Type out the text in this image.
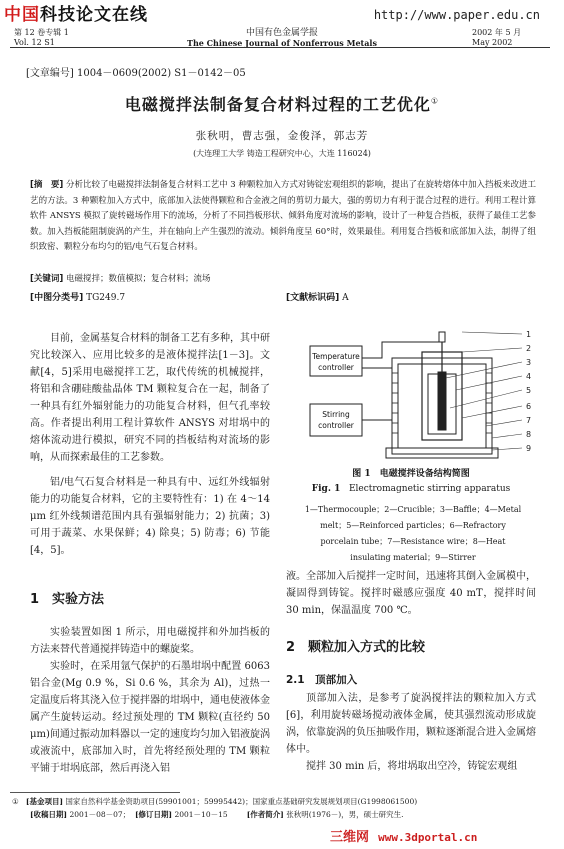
中国科技论文在线	http://www.paper.edu.cn
第 12 卷专辑 1
Vol. 12 S1
中国有色金属学报
The Chinese Journal of Nonferrous Metals
2002 年 5 月
May 2002
[文章编号] 1004－0609(2002) S1－0142－05
电磁搅拌法制备复合材料过程的工艺优化①
张秋明，曹志强，金俊泽，郭志芳
(大连理工大学 铸造工程研究中心，大连 116024)
[摘　要] 分析比较了电磁搅拌法制备复合材料工艺中 3 种颗粒加入方式对铸锭宏观组织的影响，提出了在旋转熔体中加入挡板来改进工艺的方法。3 种颗粒加入方式中，底部加入法使得颗粒和合金液之间的剪切力最大，强的剪切力有利于混合过程的进行。利用工程计算软件 ANSYS 模拟了旋转磁场作用下的流场，分析了不同挡板形状、倾斜角度对流场的影响，设计了一种复合挡板，获得了最佳工艺参数。加入挡板能阻制旋涡的产生，并在轴向上产生强烈的流动。倾斜角度呈 60°时，效果最佳。利用复合挡板和底部加入法，制得了组织致密、颗粒分布均匀的铝/电气石复合材料。
[关键词] 电磁搅拌；数值模拟；复合材料；流场
[中图分类号] TG249.7	[文献标识码] A

目前，金属基复合材料的制备工艺有多种，其中研究比较深入、应用比较多的是液体搅拌法[1－3]。文献[4，5]采用电磁搅拌工艺，取代传统的机械搅拌，将铝和含硼硅酸盐晶体 TM 颗粒复合在一起，制备了一种具有红外辐射能力的功能复合材料，但气孔率较高。作者提出利用工程计算软件 ANSYS 对坩埚中的熔体流动进行模拟，研究不同的挡板结构对流场的影响，从而探索最佳的工艺参数。

铝/电气石复合材料是一种具有中、远红外线辐射能力的功能复合材料，它的主要特性有：1) 在 4～14 μm 红外线频谱范围内具有强辐射能力；2) 抗菌；3) 可用于蔬菜、水果保鲜；4) 除臭；5) 防毒；6) 节能[4，5]。

1　实验方法

实验装置如图 1 所示，用电磁搅拌和外加挡板的方法来替代普通搅拌铸造中的螺旋桨。

实验时，在采用氩气保护的石墨坩埚中配置 6063 铝合金(Mg 0.9 %，Si 0.6 %，其余为 Al)，过热一定温度后将其浇入位于搅拌器的坩埚中，通电使液体金属产生旋转运动。经过预处理的 TM 颗粒(直径约 50 μm)间通过振动加料器以一定的速度均匀加入铝液旋涡或液流中，底部加入时，首先将经预处理的 TM 颗粒平铺于坩埚底部，然后再浇入铝

1
2
3
4
5
6
7
8
9
Temperature
controller
Stirring
controller
图 1　电磁搅拌设备结构简图
Fig. 1 Electromagnetic stirring apparatus
1—Thermocouple；2—Crucible；3—Baffle；4—Metal
melt；5—Reinforced particles；6—Refractory
porcelain tube；7—Resistance wire；8—Heat
insulating material；9—Stirrer

液。全部加入后搅拌一定时间，迅速将其倒入金属模中，凝固得到铸锭。搅拌时磁感应强度 40 mT，搅拌时间 30 min，保温温度 700 ℃。

2　颗粒加入方式的比较
2.1　顶部加入

顶部加入法，是参考了旋涡搅拌法的颗粒加入方式[6]，利用旋转磁场搅动液体金属，使其强烈流动形成旋涡，依靠旋涡的负压抽吸作用，颗粒逐渐混合进入金属熔体中。

搅拌 30 min 后，将坩埚取出空冷，铸锭宏观组

① [基金项目] 国家自然科学基金资助项目(59901001；59995442)；国家重点基础研究发展规划项目(G1998061500)
[收稿日期] 2001－08－07； [修订日期] 2001－10－15	[作者简介] 张秋明(1976－)，男，硕士研究生.
三维网 www.3dportal.cn
